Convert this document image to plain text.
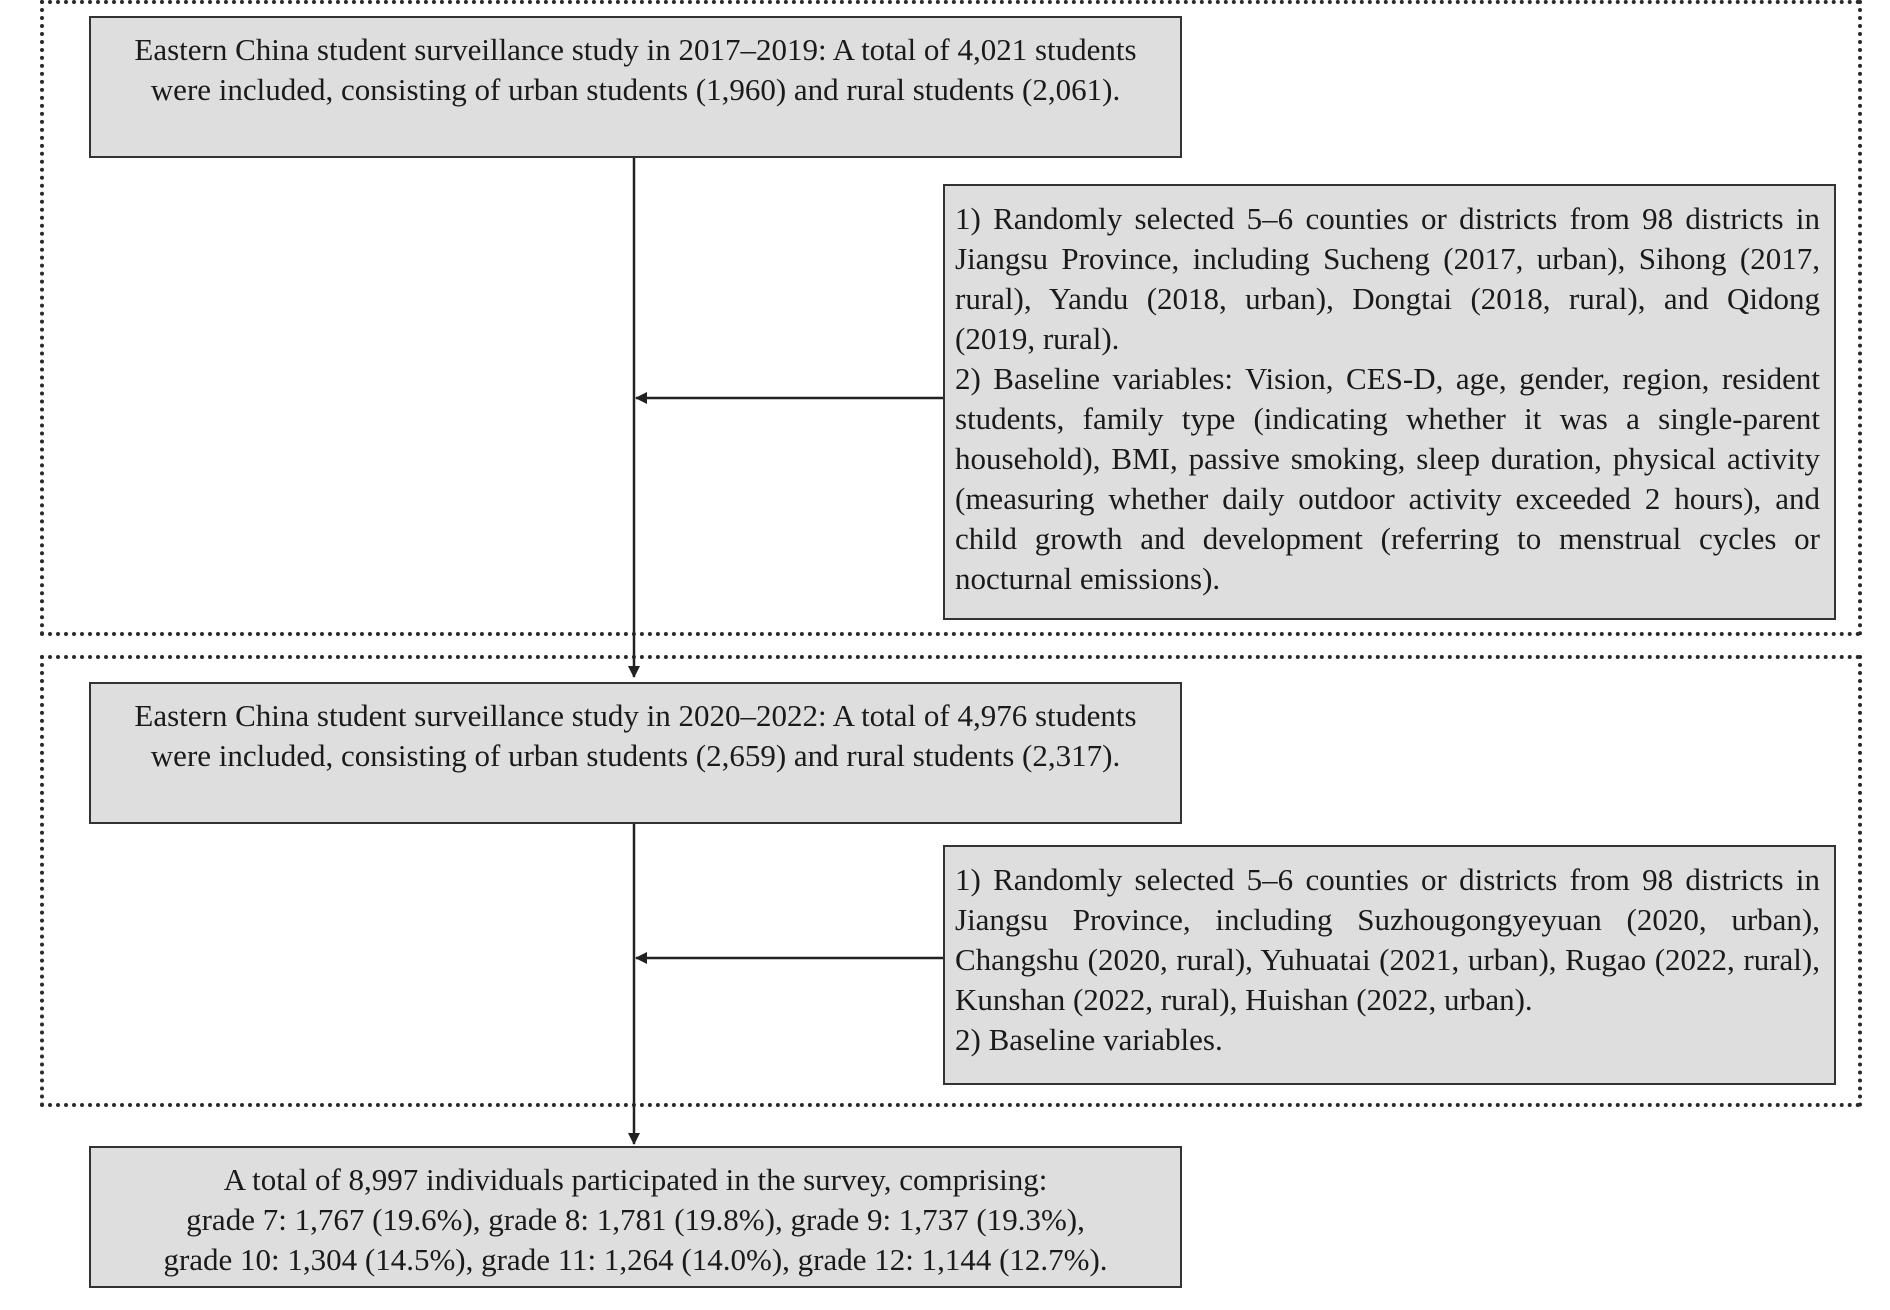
Eastern China student surveillance study in 2017–2019: A total of 4,021 students were included, consisting of urban students (1,960) and rural students (2,061).

1) Randomly selected 5–6 counties or districts from 98 districts in Jiangsu Province, including Sucheng (2017, urban), Sihong (2017, rural), Yandu (2018, urban), Dongtai (2018, rural), and Qidong (2019, rural).

2) Baseline variables: Vision, CES-D, age, gender, region, resident students, family type (indicating whether it was a single-parent household), BMI, passive smoking, sleep duration, physical activity (measuring whether daily outdoor activity exceeded 2 hours), and child growth and development (referring to menstrual cycles or nocturnal emissions).

Eastern China student surveillance study in 2020–2022: A total of 4,976 students were included, consisting of urban students (2,659) and rural students (2,317).

1) Randomly selected 5–6 counties or districts from 98 districts in Jiangsu Province, including Suzhougongyeyuan (2020, urban), Changshu (2020, rural), Yuhuatai (2021, urban), Rugao (2022, rural), Kunshan (2022, rural), Huishan (2022, urban).

2) Baseline variables.

A total of 8,997 individuals participated in the survey, comprising:
grade 7: 1,767 (19.6%), grade 8: 1,781 (19.8%), grade 9: 1,737 (19.3%),
grade 10: 1,304 (14.5%), grade 11: 1,264 (14.0%), grade 12: 1,144 (12.7%).
